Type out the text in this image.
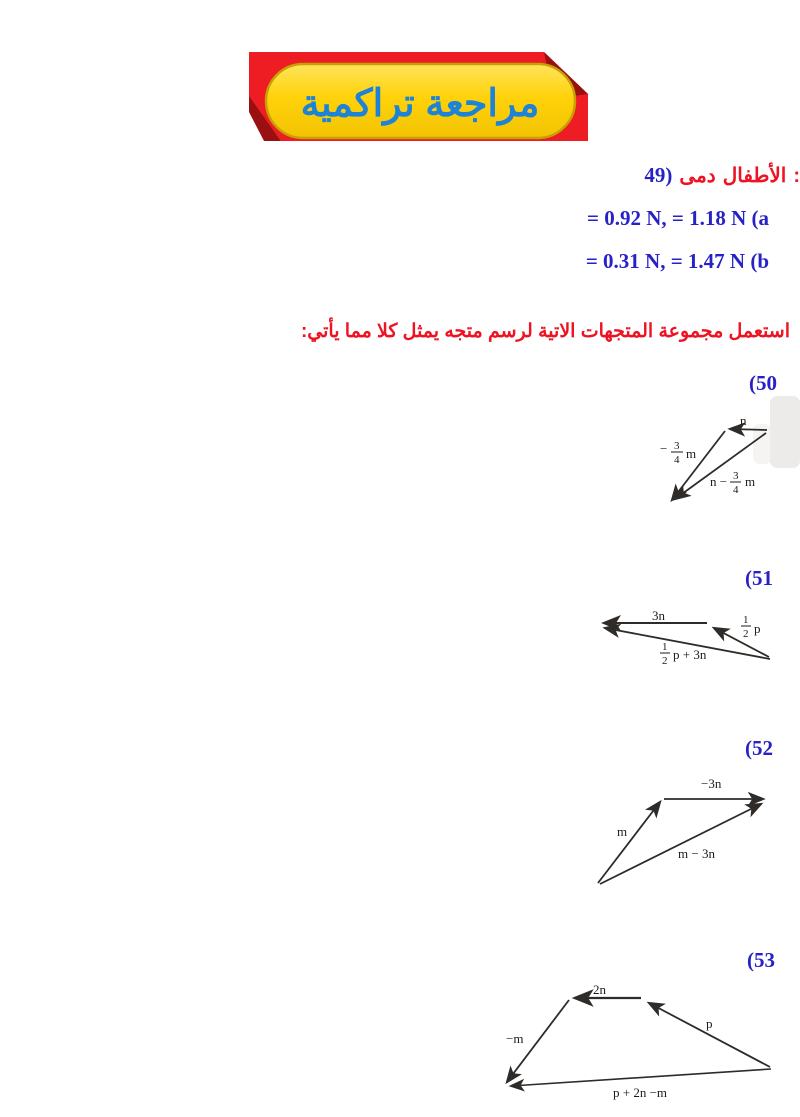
مراجعة تراكمية
49) دمى الأطفال :
= 0.92 N, = 1.18 N (a
= 0.31 N, = 1.47 N (b
استعمل مجموعة المتجهات الاتية لرسم متجه يمثل كلا مما يأتي:
(50
(51
(52
(53
n
− 3
4 m
n − 3
4
m
3n	1
2 p
1
2 p + 3n
m
−3n
m − 3n
2n
p
−m
p + 2n −m
